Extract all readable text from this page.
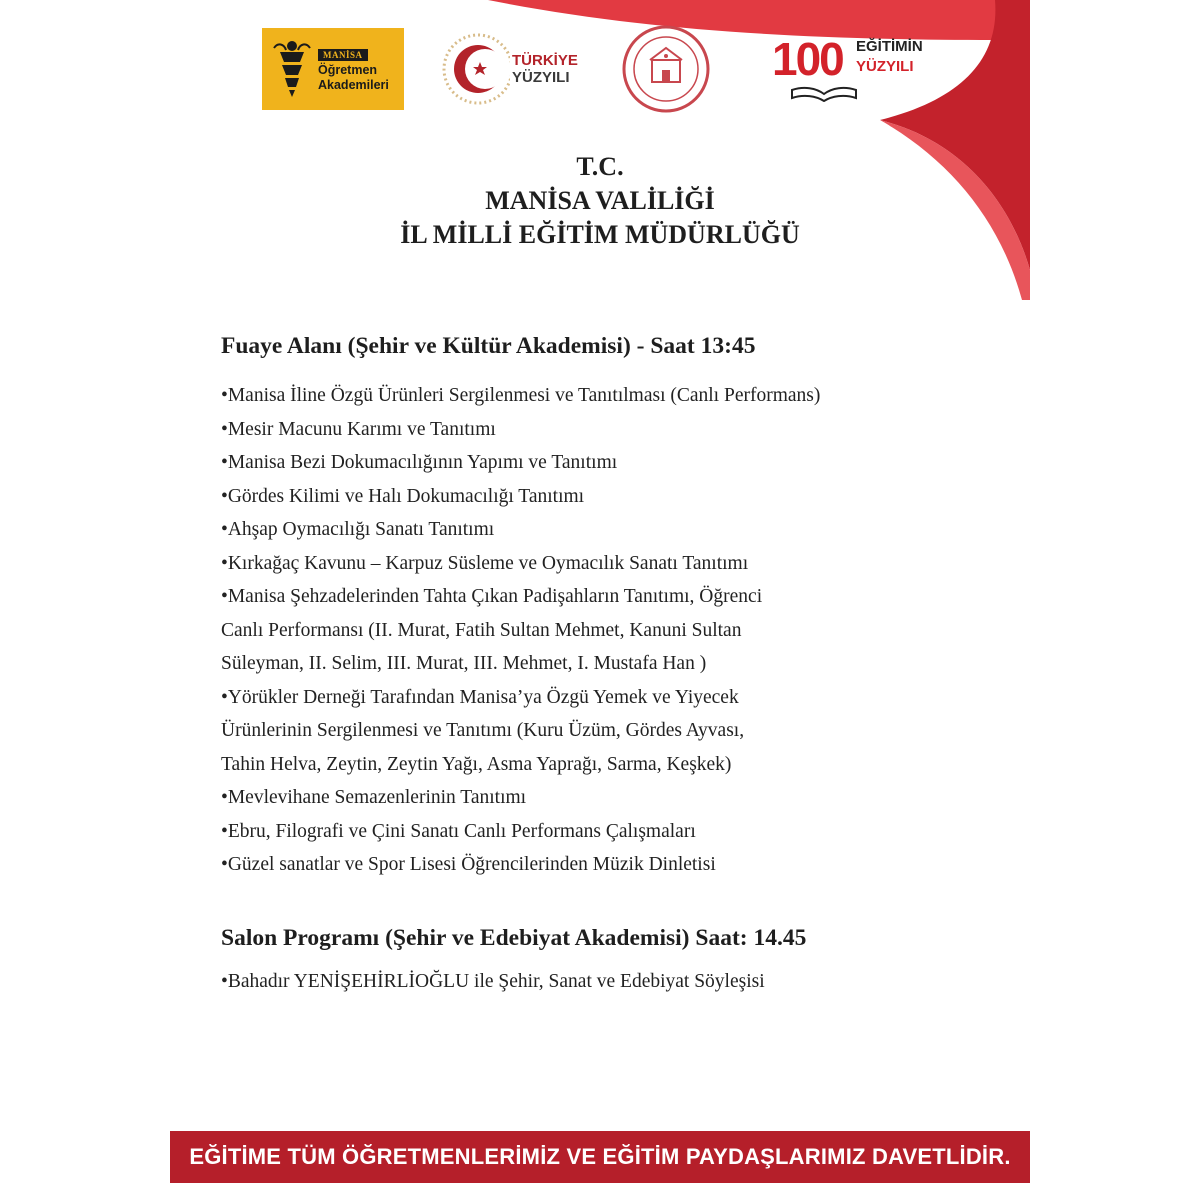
MANİSA
Öğretmen
Akademileri
TÜRKİYE
YÜZYILI	100 EĞİTİMİN
YÜZYILI
T.C.
MANİSA VALİLİĞİ
İL MİLLİ EĞİTİM MÜDÜRLÜĞÜ
Fuaye Alanı (Şehir ve Kültür Akademisi) - Saat 13:45
•Manisa İline Özgü Ürünleri Sergilenmesi ve Tanıtılması (Canlı Performans)
•Mesir Macunu Karımı ve Tanıtımı
•Manisa Bezi Dokumacılığının Yapımı ve Tanıtımı
•Gördes Kilimi ve Halı Dokumacılığı Tanıtımı
•Ahşap Oymacılığı Sanatı Tanıtımı
•Kırkağaç Kavunu – Karpuz Süsleme ve Oymacılık Sanatı Tanıtımı
•Manisa Şehzadelerinden Tahta Çıkan Padişahların Tanıtımı, Öğrenci
Canlı Performansı (II. Murat, Fatih Sultan Mehmet, Kanuni Sultan
Süleyman, II. Selim, III. Murat, III. Mehmet, I. Mustafa Han )
•Yörükler Derneği Tarafından Manisa’ya Özgü Yemek ve Yiyecek
Ürünlerinin Sergilenmesi ve Tanıtımı (Kuru Üzüm, Gördes Ayvası,
Tahin Helva, Zeytin, Zeytin Yağı, Asma Yaprağı, Sarma, Keşkek)
•Mevlevihane Semazenlerinin Tanıtımı
•Ebru, Filografi ve Çini Sanatı Canlı Performans Çalışmaları
•Güzel sanatlar ve Spor Lisesi Öğrencilerinden Müzik Dinletisi
Salon Programı (Şehir ve Edebiyat Akademisi) Saat: 14.45
•Bahadır YENİŞEHİRLİOĞLU ile Şehir, Sanat ve Edebiyat Söyleşisi
EĞİTİME TÜM ÖĞRETMENLERİMİZ VE EĞİTİM PAYDAŞLARIMIZ DAVETLİDİR.
